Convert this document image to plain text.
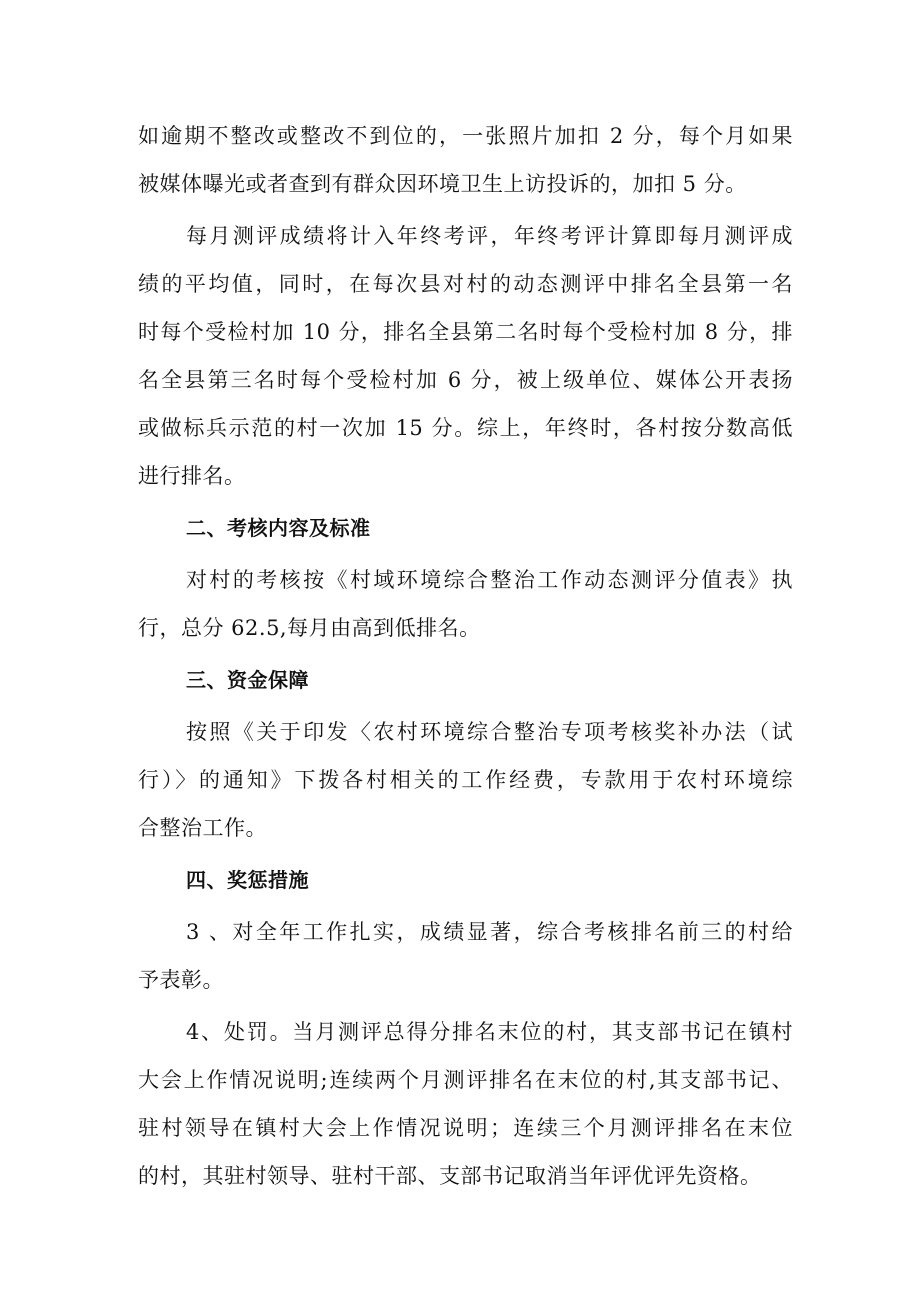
如逾期不整改或整改不到位的，一张照片加扣 2 分，每个月如果
被媒体曝光或者查到有群众因环境卫生上访投诉的，加扣 5 分。
每月测评成绩将计入年终考评，年终考评计算即每月测评成
绩的平均值，同时，在每次县对村的动态测评中排名全县第一名
时每个受检村加 10 分，排名全县第二名时每个受检村加 8 分，排
名全县第三名时每个受检村加 6 分，被上级单位、媒体公开表扬
或做标兵示范的村一次加 15 分。综上，年终时，各村按分数高低
进行排名。
二、考核内容及标准
对村的考核按《村域环境综合整治工作动态测评分值表》执
行，总分 62.5,每月由高到低排名。
三、资金保障
按照《关于印发〈农村环境综合整治专项考核奖补办法（试
行）〉的通知》下拨各村相关的工作经费，专款用于农村环境综
合整治工作。
四、奖惩措施
3 、对全年工作扎实，成绩显著，综合考核排名前三的村给
予表彰。
4、处罚。当月测评总得分排名末位的村，其支部书记在镇村
大会上作情况说明;连续两个月测评排名在末位的村,其支部书记、
驻村领导在镇村大会上作情况说明；连续三个月测评排名在末位
的村，其驻村领导、驻村干部、支部书记取消当年评优评先资格。
